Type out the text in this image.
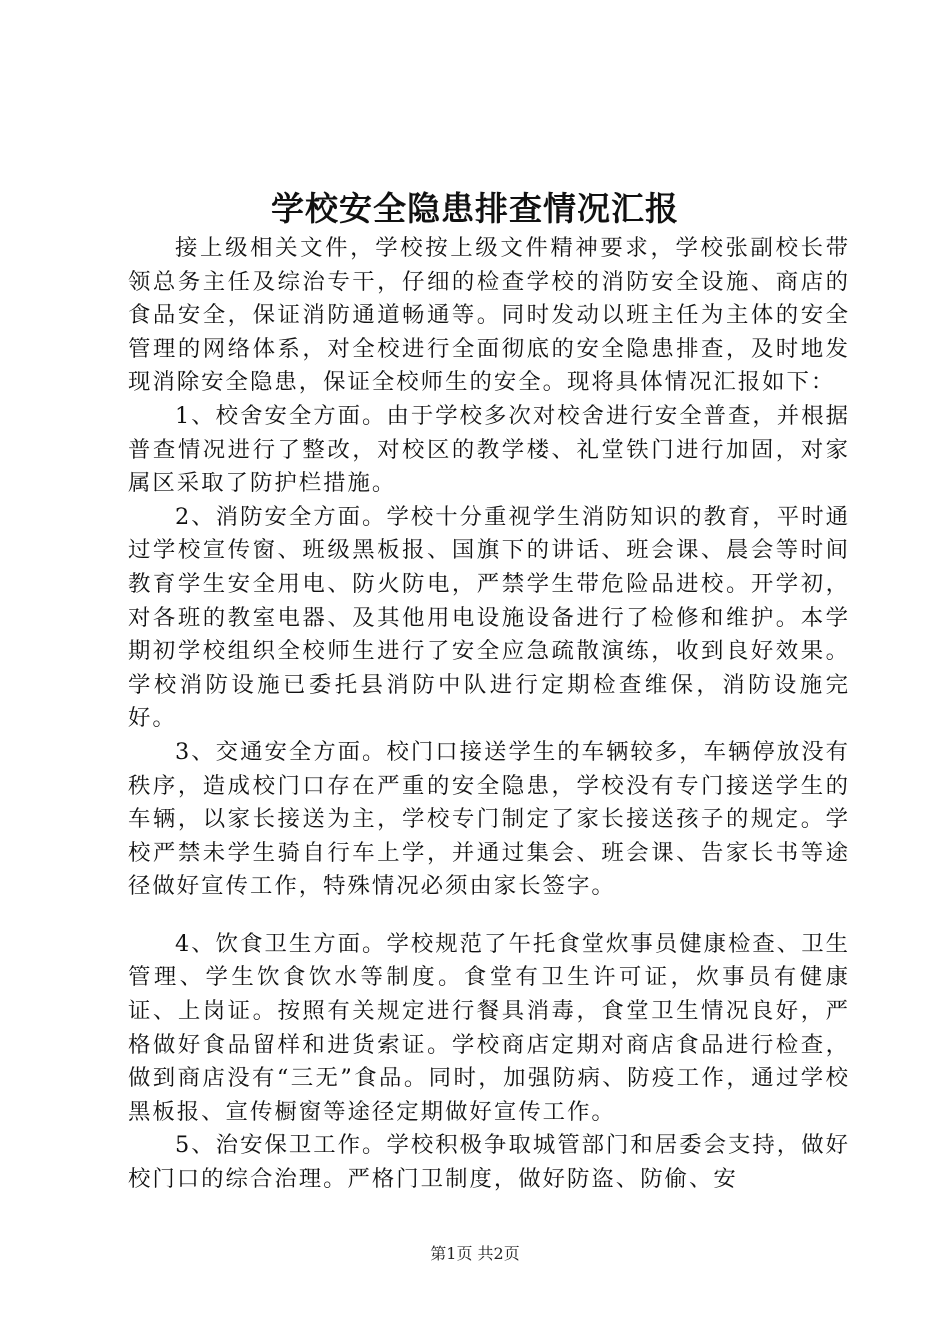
学校安全隐患排查情况汇报

接上级相关文件，学校按上级文件精神要求，学校张副校长带领总务主任及综治专干，仔细的检查学校的消防安全设施、商店的食品安全，保证消防通道畅通等。同时发动以班主任为主体的安全管理的网络体系，对全校进行全面彻底的安全隐患排查，及时地发现消除安全隐患，保证全校师生的安全。现将具体情况汇报如下：

1、校舍安全方面。由于学校多次对校舍进行安全普查，并根据普查情况进行了整改，对校区的教学楼、礼堂铁门进行加固，对家属区采取了防护栏措施。

2、消防安全方面。学校十分重视学生消防知识的教育，平时通过学校宣传窗、班级黑板报、国旗下的讲话、班会课、晨会等时间教育学生安全用电、防火防电，严禁学生带危险品进校。开学初，对各班的教室电器、及其他用电设施设备进行了检修和维护。本学期初学校组织全校师生进行了安全应急疏散演练，收到良好效果。学校消防设施已委托县消防中队进行定期检查维保，消防设施完好。

3、交通安全方面。校门口接送学生的车辆较多，车辆停放没有秩序，造成校门口存在严重的安全隐患，学校没有专门接送学生的车辆，以家长接送为主，学校专门制定了家长接送孩子的规定。学校严禁未学生骑自行车上学，并通过集会、班会课、告家长书等途径做好宣传工作，特殊情况必须由家长签字。

4、饮食卫生方面。学校规范了午托食堂炊事员健康检查、卫生管理、学生饮食饮水等制度。食堂有卫生许可证，炊事员有健康证、上岗证。按照有关规定进行餐具消毒，食堂卫生情况良好，严格做好食品留样和进货索证。学校商店定期对商店食品进行检查，做到商店没有“三无”食品。同时，加强防病、防疫工作，通过学校黑板报、宣传橱窗等途径定期做好宣传工作。

5、治安保卫工作。学校积极争取城管部门和居委会支持，做好校门口的综合治理。严格门卫制度，做好防盗、防偷、安

第1页 共2页
